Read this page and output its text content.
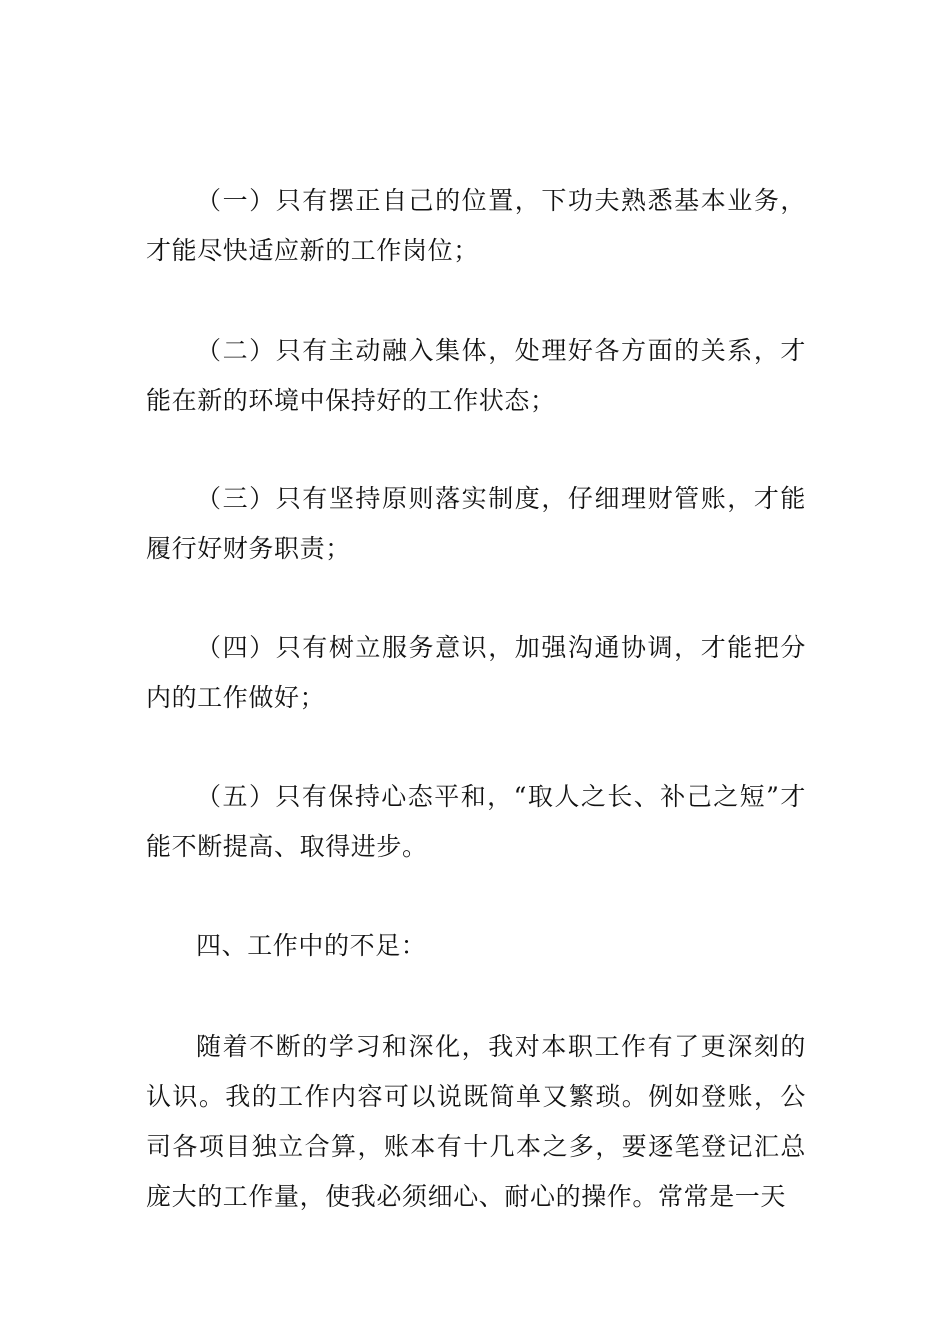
（一）只有摆正自己的位置，下功夫熟悉基本业务，才能尽快适应新的工作岗位；

（二）只有主动融入集体，处理好各方面的关系，才能在新的环境中保持好的工作状态；

（三）只有坚持原则落实制度，仔细理财管账，才能履行好财务职责；

（四）只有树立服务意识，加强沟通协调，才能把分内的工作做好；

（五）只有保持心态平和，“取人之长、补己之短”才能不断提高、取得进步。

四、工作中的不足：

随着不断的学习和深化，我对本职工作有了更深刻的认识。我的工作内容可以说既简单又繁琐。例如登账，公司各项目独立合算，账本有十几本之多，要逐笔登记汇总庞大的工作量，使我必须细心、耐心的操作。常常是一天
